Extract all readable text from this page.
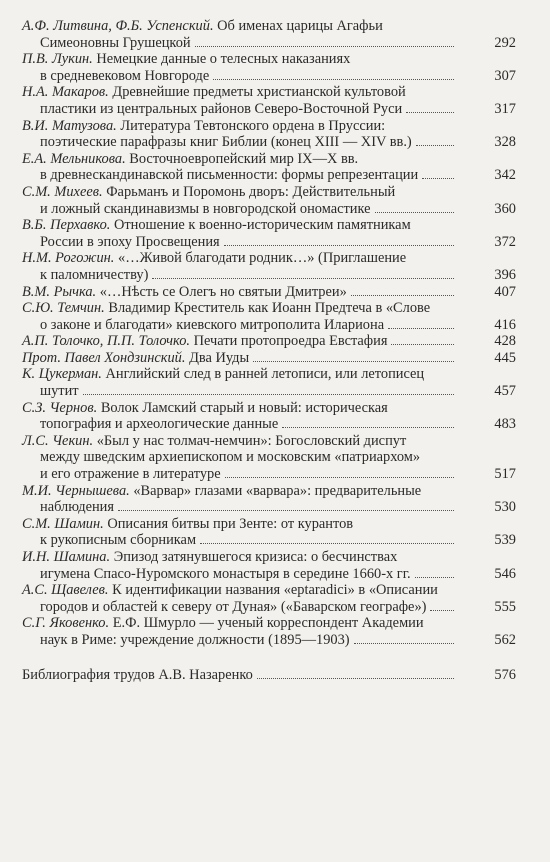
А.Ф. Литвина, Ф.Б. Успенский. Об именах царицы Агафьи
Симеоновны Грушецкой	292
П.В. Лукин. Немецкие данные о телесных наказаниях
в средневековом Новгороде	307
Н.А. Макаров. Древнейшие предметы христианской культовой
пластики из центральных районов Северо-Восточной Руси	317
В.И. Матузова. Литература Тевтонского ордена в Пруссии:
поэтические парафразы книг Библии (конец XIII — XIV вв.)	328
Е.А. Мельникова. Восточноевропейский мир IX—X вв.
в древнескандинавской письменности: формы репрезентации	342
С.М. Михеев. Фарьманъ и Поромонь дворъ: Действительный
и ложный скандинавизмы в новгородской ономастике	360
В.Б. Перхавко. Отношение к военно-историческим памятникам
России в эпоху Просвещения	372
Н.М. Рогожин. «…Живой благодати родник…» (Приглашение
к паломничеству)	396
В.М. Рычка. «…Нѣсть се Олегъ но святыи Дмитреи»	407
С.Ю. Темчин. Владимир Креститель как Иоанн Предтеча в «Слове
о законе и благодати» киевского митрополита Илариона	416
А.П. Толочко, П.П. Толочко. Печати протопроедра Евстафия	428
Прот. Павел Хондзинский. Два Иуды	445
К. Цукерман. Английский след в ранней летописи, или летописец
шутит	457
С.З. Чернов. Волок Ламский старый и новый: историческая
топография и археологические данные	483
Л.С. Чекин. «Был у нас толмач-немчин»: Богословский диспут
между шведским архиепископом и московским «патриархом»
и его отражение в литературе	517
М.И. Чернышева. «Варвар» глазами «варвара»: предварительные
наблюдения	530
С.М. Шамин. Описания битвы при Зенте: от курантов
к рукописным сборникам	539
И.Н. Шамина. Эпизод затянувшегося кризиса: о бесчинствах
игумена Спасо-Нуромского монастыря в середине 1660-х гг.	546
А.С. Щавелев. К идентификации названия «eptaradici» в «Описании
городов и областей к северу от Дуная» («Баварском географе»)	555
С.Г. Яковенко. Е.Ф. Шмурло — ученый корреспондент Академии
наук в Риме: учреждение должности (1895—1903)	562
Библиография трудов А.В. Назаренко	576
